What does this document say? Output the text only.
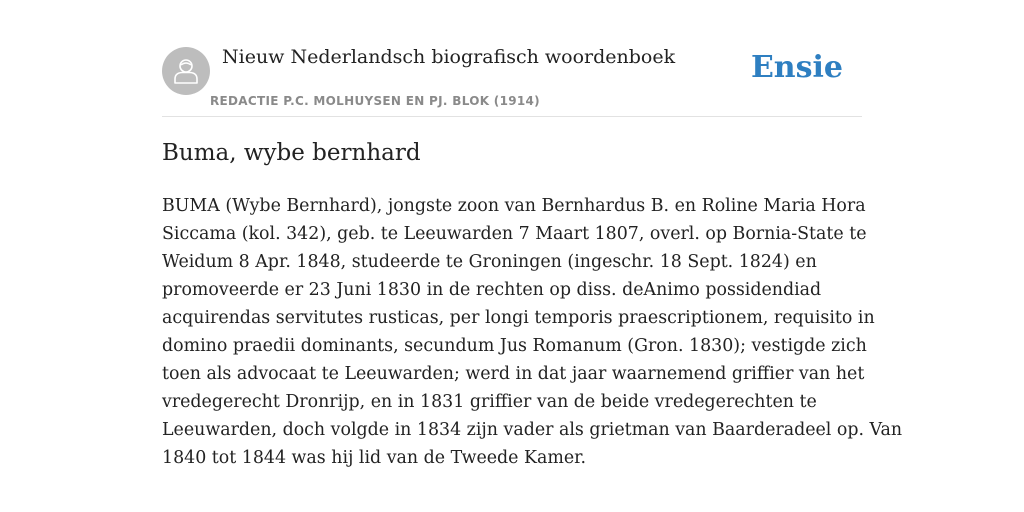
Nieuw Nederlandsch biografisch woordenboek
REDACTIE P.C. MOLHUYSEN EN PJ. BLOK (1914)
Ensie
Buma, wybe bernhard

BUMA (Wybe Bernhard), jongste zoon van Bernhardus B. en Roline Maria Hora
Siccama (kol. 342), geb. te Leeuwarden 7 Maart 1807, overl. op Bornia-State te
Weidum 8 Apr. 1848, studeerde te Groningen (ingeschr. 18 Sept. 1824) en
promoveerde er 23 Juni 1830 in de rechten op diss. deAnimo possidendiad
acquirendas servitutes rusticas, per longi temporis praescriptionem, requisito in
domino praedii dominants, secundum Jus Romanum (Gron. 1830); vestigde zich
toen als advocaat te Leeuwarden; werd in dat jaar waarnemend griffier van het
vredegerecht Dronrijp, en in 1831 griffier van de beide vredegerechten te
Leeuwarden, doch volgde in 1834 zijn vader als grietman van Baarderadeel op. Van
1840 tot 1844 was hij lid van de Tweede Kamer.
